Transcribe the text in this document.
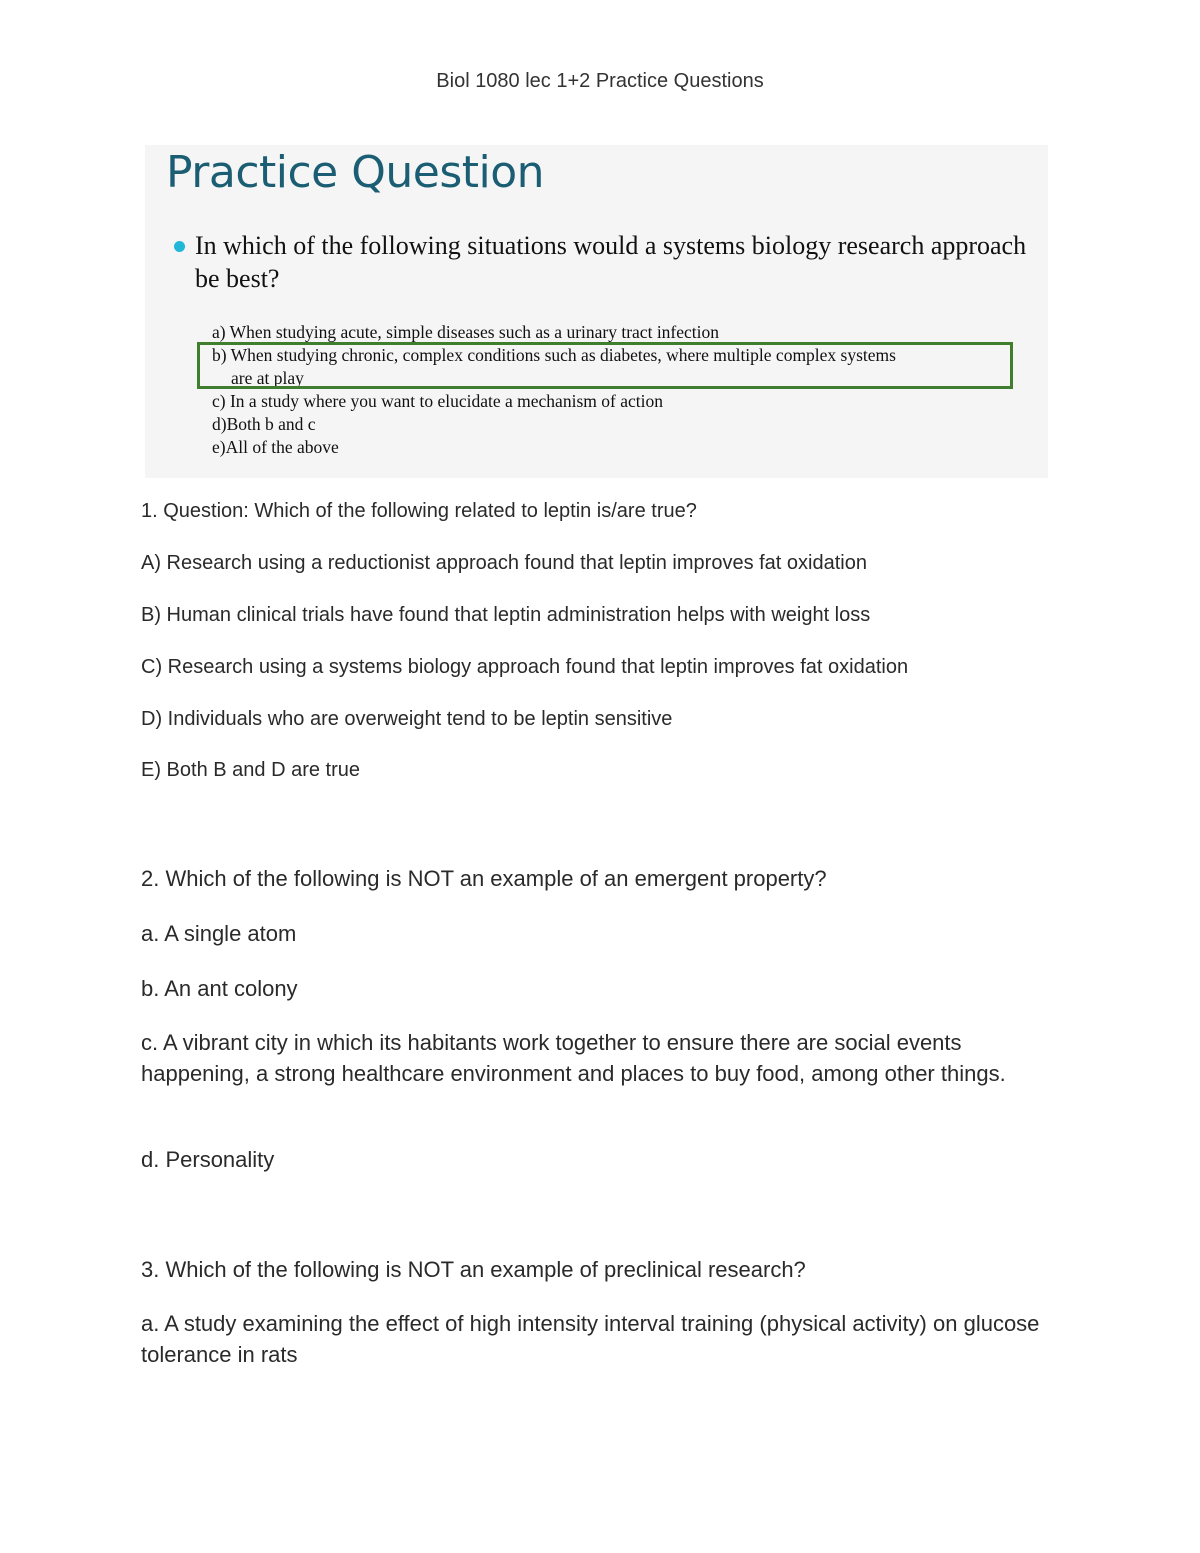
Biol 1080 lec 1+2 Practice Questions
Practice Question
In which of the following situations would a systems biology research approach be best?
a) When studying acute, simple diseases such as a urinary tract infection
b) When studying chronic, complex conditions such as diabetes, where multiple complex systems
are at play
c) In a study where you want to elucidate a mechanism of action
d)Both b and c
e)All of the above

1. Question: Which of the following related to leptin is/are true?

A) Research using a reductionist approach found that leptin improves fat oxidation

B) Human clinical trials have found that leptin administration helps with weight loss

C) Research using a systems biology approach found that leptin improves fat oxidation

D) Individuals who are overweight tend to be leptin sensitive

E) Both B and D are true

2. Which of the following is NOT an example of an emergent property?

a. A single atom

b. An ant colony

c. A vibrant city in which its habitants work together to ensure there are social events happening, a strong healthcare environment and places to buy food, among other things.

d. Personality

3. Which of the following is NOT an example of preclinical research?

a. A study examining the effect of high intensity interval training (physical activity) on glucose tolerance in rats
